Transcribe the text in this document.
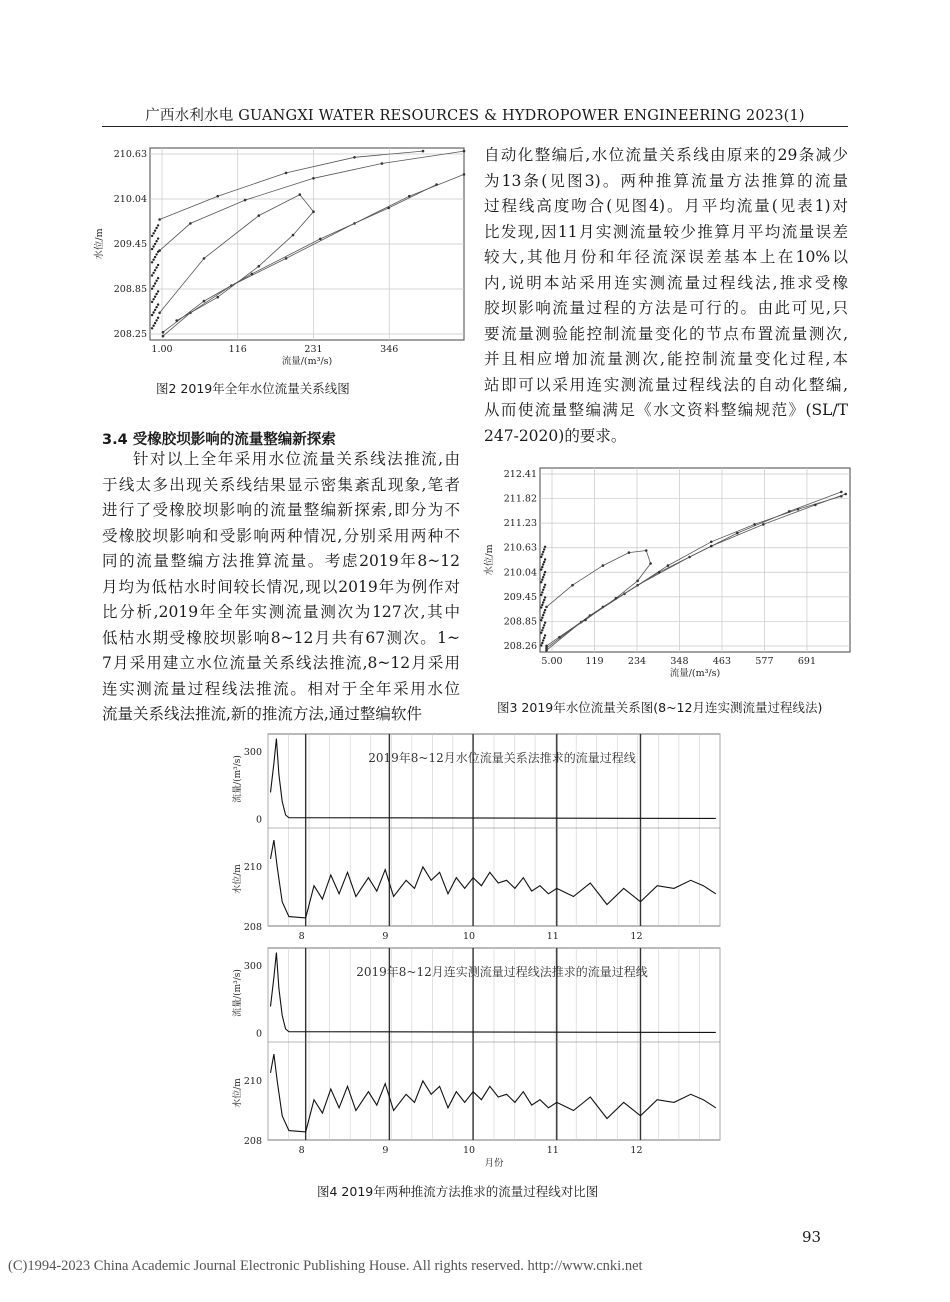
广西水利水电 GUANGXI WATER RESOURCES & HYDROPOWER ENGINEERING 2023(1)
210.63
210.04
209.45
208.85
208.25
1.00	116	231	346
流量/(m³/s)
水位/m
图2 2019年全年水位流量关系线图
3.4 受橡胶坝影响的流量整编新探索
针对以上全年采用水位流量关系线法推流,由
于线太多出现关系线结果显示密集紊乱现象,笔者
进行了受橡胶坝影响的流量整编新探索,即分为不
受橡胶坝影响和受影响两种情况,分别采用两种不
同的流量整编方法推算流量。考虑2019年8~12
月均为低枯水时间较长情况,现以2019年为例作对
比分析,2019年全年实测流量测次为127次,其中
低枯水期受橡胶坝影响8~12月共有67测次。1~
7月采用建立水位流量关系线法推流,8~12月采用
连实测流量过程线法推流。相对于全年采用水位
流量关系线法推流,新的推流方法,通过整编软件
自动化整编后,水位流量关系线由原来的29条减少
为13条(见图3)。两种推算流量方法推算的流量
过程线高度吻合(见图4)。月平均流量(见表1)对
比发现,因11月实测流量较少推算月平均流量误差
较大,其他月份和年径流深误差基本上在10%以
内,说明本站采用连实测流量过程线法,推求受橡
胶坝影响流量过程的方法是可行的。由此可见,只
要流量测验能控制流量变化的节点布置流量测次,
并且相应增加流量测次,能控制流量变化过程,本
站即可以采用连实测流量过程线法的自动化整编,
从而使流量整编满足《水文资料整编规范》(SL/T
247-2020)的要求。
212.41
211.82
211.23
210.63
210.04
209.45
208.85
208.26
5.00 119	234	348	463	577	691
流量/(m³/s)
水位/m
图3 2019年水位流量关系图(8~12月连实测流量过程线法)
300
0
流量/(m³/s)
210
208
水位/m
2019年8~12月水位流量关系法推求的流量过程线
8	9	10	11	12
300
0
流量/(m³/s)
210
208
水位/m
2019年8~12月连实测流量过程线法推求的流量过程线
8	9	10	11	12
月份
图4 2019年两种推流方法推求的流量过程线对比图
93
(C)1994-2023 China Academic Journal Electronic Publishing House. All rights reserved. http://www.cnki.net
